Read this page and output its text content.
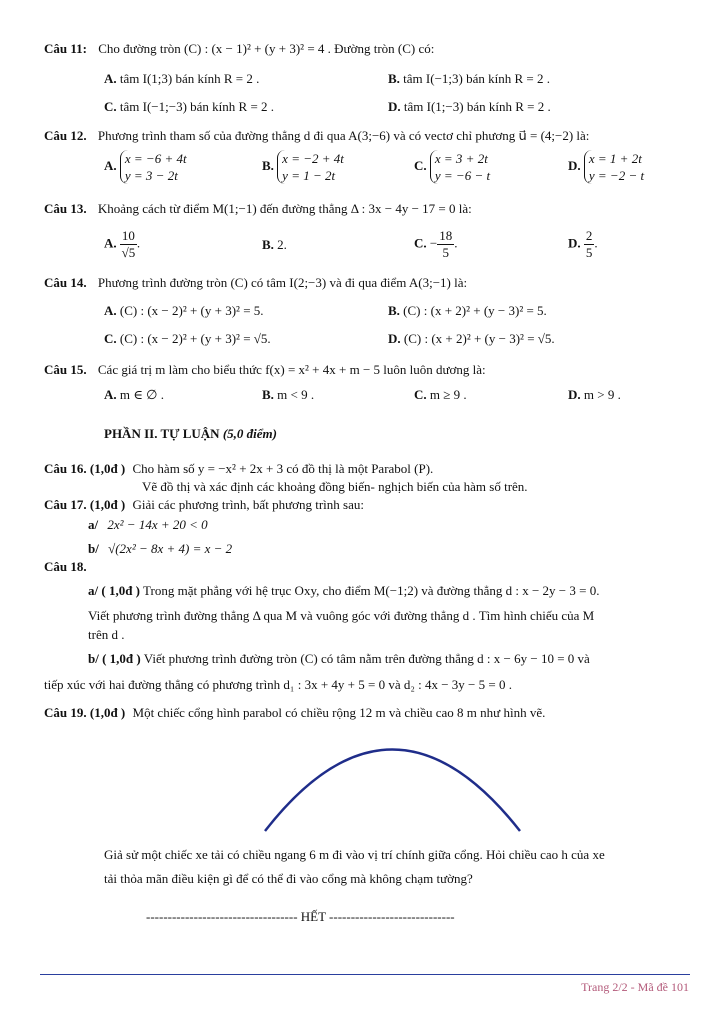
Câu 11: Cho đường tròn (C) : (x − 1)² + (y + 3)² = 4 . Đường tròn (C) có:
A. tâm I(1;3) bán kính R = 2 .	B. tâm I(−1;3) bán kính R = 2 .
C. tâm I(−1;−3) bán kính R = 2 .	D. tâm I(1;−3) bán kính R = 2 .
Câu 12. Phương trình tham số của đường thẳng d đi qua A(3;−6) và có vectơ chỉ phương u⃗ = (4;−2) là:
A. x = −6 + 4t
y = 3 − 2t
B. x = −2 + 4t
y = 1 − 2t
C. x = 3 + 2t
y = −6 − t
D. x = 1 + 2t
y = −2 − t
Câu 13. Khoảng cách từ điểm M(1;−1) đến đường thẳng Δ : 3x − 4y − 17 = 0 là:
A. $\frac{10}{√5}$ .	B. 2.	C. − $\frac{18}{5}$ .	D. $\frac{2}{5}$ .
Câu 14. Phương trình đường tròn (C) có tâm I(2;−3) và đi qua điểm A(3;−1) là:
A. (C) : (x − 2)² + (y + 3)² = 5.	B. (C) : (x + 2)² + (y − 3)² = 5.
C. (C) : (x − 2)² + (y + 3)² = √5.	D. (C) : (x + 2)² + (y − 3)² = √5.
Câu 15. Các giá trị m làm cho biểu thức f(x) = x² + 4x + m − 5 luôn luôn dương là:
A. m ∈ ∅ .	B. m < 9 .	C. m ≥ 9 .	D. m > 9 .
PHẦN II. TỰ LUẬN (5,0 điểm)
Câu 16. (1,0đ ) Cho hàm số y = −x² + 2x + 3 có đồ thị là một Parabol (P).
Vẽ đồ thị và xác định các khoảng đồng biến- nghịch biến của hàm số trên.
Câu 17. (1,0đ ) Giải các phương trình, bất phương trình sau:
a/ 2x² − 14x + 20 < 0
b/ √(2x² − 8x + 4) = x − 2
Câu 18.
a/ ( 1,0đ ) Trong mặt phẳng với hệ trục Oxy, cho điểm M(−1;2) và đường thẳng d : x − 2y − 3 = 0.
Viết phương trình đường thẳng Δ qua M và vuông góc với đường thẳng d . Tìm hình chiếu của M
trên d .
b/ ( 1,0đ ) Viết phương trình đường tròn (C) có tâm nằm trên đường thẳng d : x − 6y − 10 = 0 và
tiếp xúc với hai đường thẳng có phương trình d₁ : 3x + 4y + 5 = 0 và d₂ : 4x − 3y − 5 = 0 .
Câu 19. (1,0đ ) Một chiếc cổng hình parabol có chiều rộng 12 m và chiều cao 8 m như hình vẽ.
Giả sử một chiếc xe tải có chiều ngang 6 m đi vào vị trí chính giữa cổng. Hỏi chiều cao h của xe
tải thỏa mãn điều kiện gì để có thể đi vào cổng mà không chạm tường?
----------------------------------- HẾT -----------------------------
Trang 2/2 - Mã đề 101
